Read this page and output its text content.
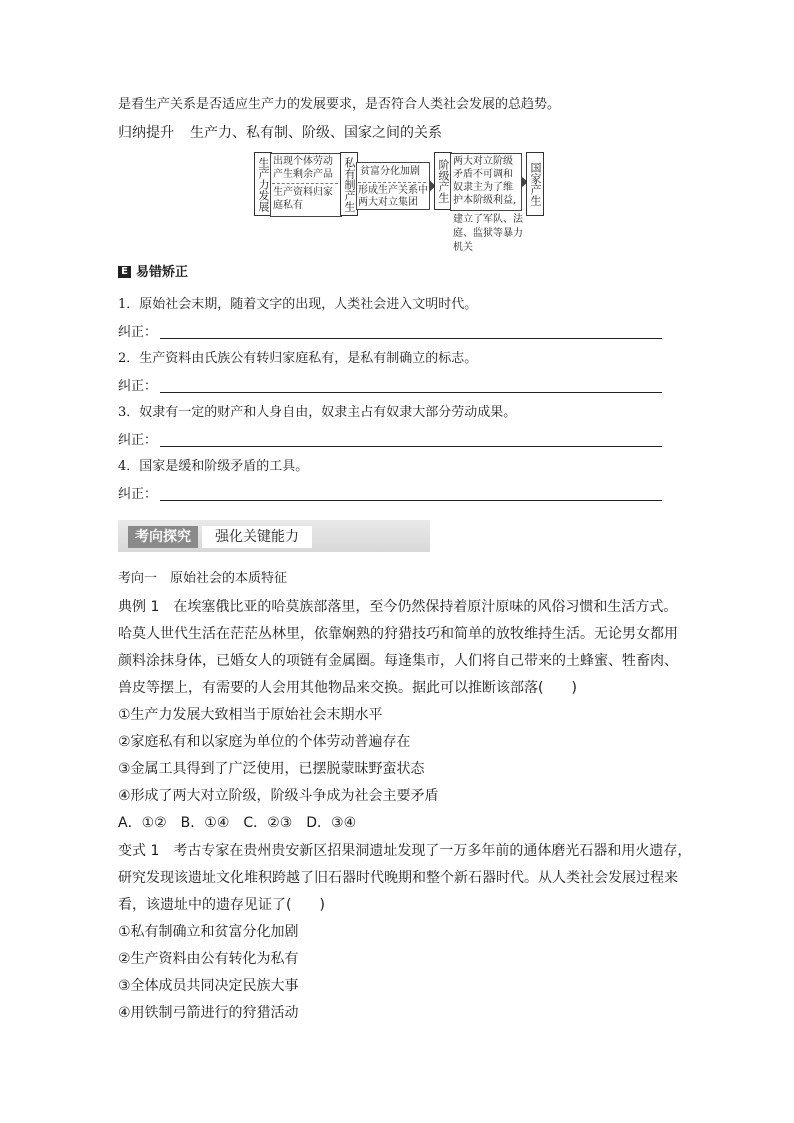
是看生产关系是否适应生产力的发展要求，是否符合人类社会发展的总趋势。
归纳提升 生产力、私有制、阶级、国家之间的关系
生产力发展 出现个体劳动
产生剩余产品
生产资料归家
庭私有	私有制产生 贫富分化加剧
形成生产关系中
两大对立集团 阶级产生 两大对立阶级
矛盾不可调和
奴隶主为了维
护本阶级利益,
建立了军队、法
庭、监狱等暴力
机关
国家产生
E 易错矫正
1．原始社会末期，随着文字的出现，人类社会进入文明时代。
纠正：
2．生产资料由氏族公有转归家庭私有，是私有制确立的标志。
纠正：
3．奴隶有一定的财产和人身自由，奴隶主占有奴隶大部分劳动成果。
纠正：
4．国家是缓和阶级矛盾的工具。
纠正：
考向探究	强化关键能力
考向一　原始社会的本质特征
典例 1　在埃塞俄比亚的哈莫族部落里，至今仍然保持着原汁原味的风俗习惯和生活方式。
哈莫人世代生活在茫茫丛林里，依靠娴熟的狩猎技巧和简单的放牧维持生活。无论男女都用
颜料涂抹身体，已婚女人的项链有金属圈。每逢集市，人们将自己带来的土蜂蜜、牲畜肉、
兽皮等摆上，有需要的人会用其他物品来交换。据此可以推断该部落(　　)
①生产力发展大致相当于原始社会末期水平
②家庭私有和以家庭为单位的个体劳动普遍存在
③金属工具得到了广泛使用，已摆脱蒙昧野蛮状态
④形成了两大对立阶级，阶级斗争成为社会主要矛盾
A．①②　B．①④　C．②③　D．③④
变式 1　考古专家在贵州贵安新区招果洞遗址发现了一万多年前的通体磨光石器和用火遗存，
研究发现该遗址文化堆积跨越了旧石器时代晚期和整个新石器时代。从人类社会发展过程来
看，该遗址中的遗存见证了(　　)
①私有制确立和贫富分化加剧
②生产资料由公有转化为私有
③全体成员共同决定民族大事
④用铁制弓箭进行的狩猎活动
